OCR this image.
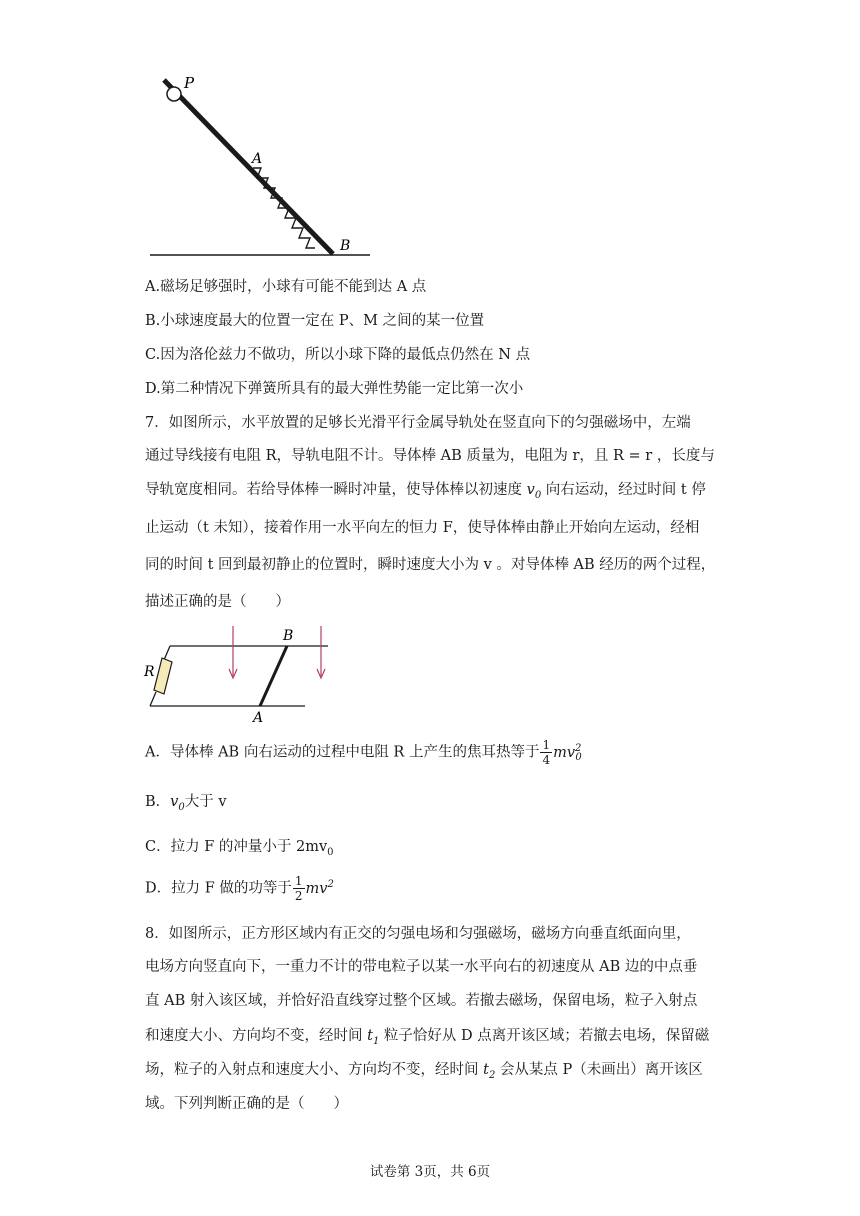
P
A
B
A.磁场足够强时，小球有可能不能到达 A 点
B.小球速度最大的位置一定在 P、M 之间的某一位置
C.因为洛伦兹力不做功，所以小球下降的最低点仍然在 N 点
D.第二种情况下弹簧所具有的最大弹性势能一定比第一次小
7．如图所示，水平放置的足够长光滑平行金属导轨处在竖直向下的匀强磁场中，左端
通过导线接有电阻 R，导轨电阻不计。导体棒 AB 质量为，电阻为 r，且 R = r ，长度与
导轨宽度相同。若给导体棒一瞬时冲量，使导体棒以初速度 $v_0$ 向右运动，经过时间 t 停
止运动（t 未知），接着作用一水平向左的恒力 F，使导体棒由静止开始向左运动，经相
同的时间 t 回到最初静止的位置时，瞬时速度大小为 v 。对导体棒 AB 经历的两个过程，
描述正确的是（　　）
R
B
A
A．导体棒 AB 向右运动的过程中电阻 R 上产生的焦耳热等于 $\frac{1}{4} mv^2_0$
B．$v_0$大于 v
C．拉力 F 的冲量小于 $2mv_0$
D．拉力 F 做的功等于 $\frac{1}{2} mv^2$
8．如图所示，正方形区域内有正交的匀强电场和匀强磁场，磁场方向垂直纸面向里，
电场方向竖直向下，一重力不计的带电粒子以某一水平向右的初速度从 AB 边的中点垂
直 AB 射入该区域，并恰好沿直线穿过整个区域。若撤去磁场，保留电场，粒子入射点
和速度大小、方向均不变，经时间 $t_1$ 粒子恰好从 D 点离开该区域；若撤去电场，保留磁
场，粒子的入射点和速度大小、方向均不变，经时间 $t_2$ 会从某点 P（未画出）离开该区
域。下列判断正确的是（　　）
试卷第 3页，共 6页
